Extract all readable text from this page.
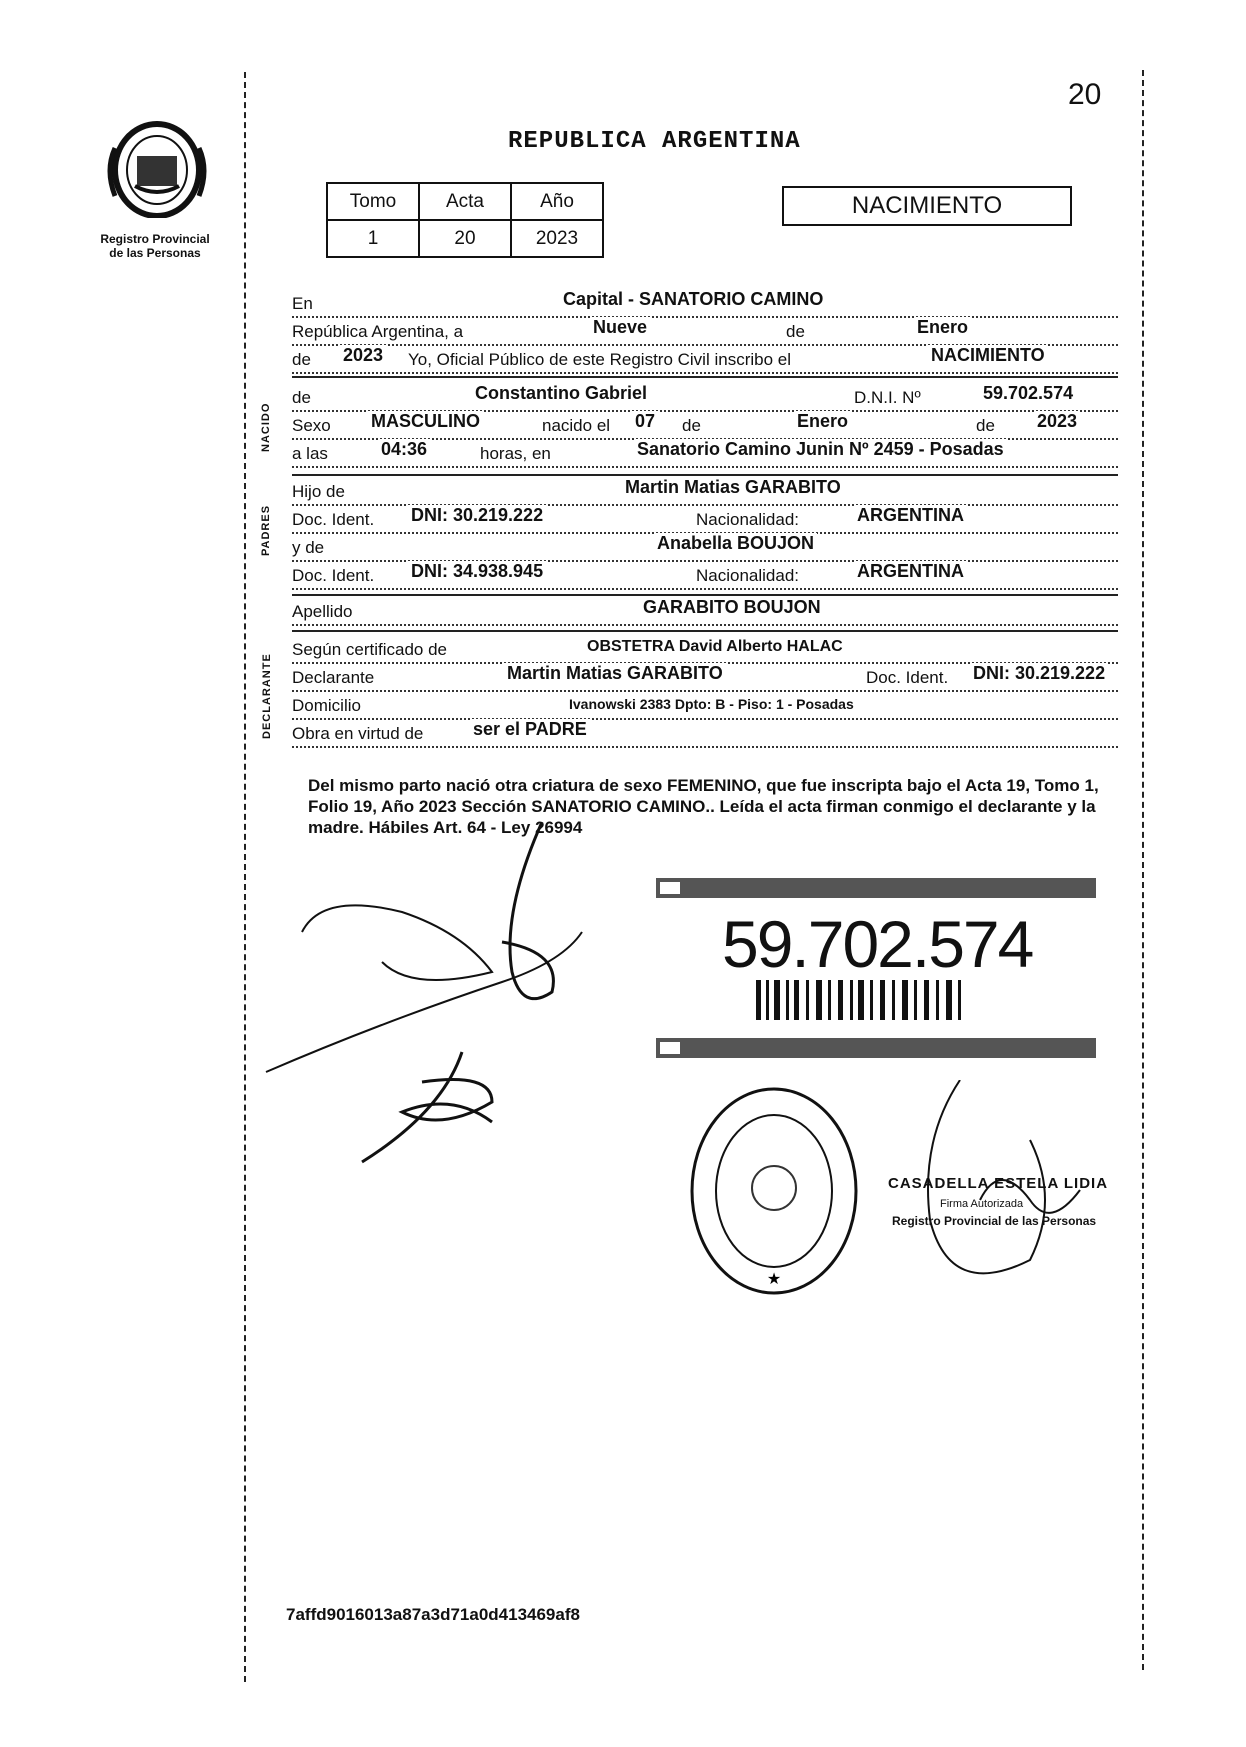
Registro Provincial
de las Personas
20
REPUBLICA ARGENTINA
Tomo	Acta	Año
1	20	2023
NACIMIENTO
NACIDO
PADRES
DECLARANTE
En	Capital - SANATORIO CAMINO
República Argentina, a	Nueve	de	Enero
de 2023 Yo, Oficial Público de este Registro Civil inscribo el	NACIMIENTO
de	Constantino Gabriel	D.N.I. Nº	59.702.574
Sexo MASCULINO	nacido el 07 de	Enero	de 2023
a las	04:36	horas, en	Sanatorio Camino Junin Nº 2459 - Posadas
Hijo de	Martin Matias GARABITO
Doc. Ident. DNI: 30.219.222	Nacionalidad:	ARGENTINA
y de	Anabella BOUJON
Doc. Ident. DNI: 34.938.945	Nacionalidad:	ARGENTINA
Apellido	GARABITO BOUJON
Según certificado de	OBSTETRA David Alberto HALAC
Declarante	Martin Matias GARABITO	Doc. Ident. DNI: 30.219.222
Domicilio	Ivanowski 2383 Dpto: B - Piso: 1 - Posadas
Obra en virtud de	ser el PADRE
Del mismo parto nació otra criatura de sexo FEMENINO, que fue inscripta bajo el Acta 19, Tomo 1, Folio 19, Año 2023 Sección SANATORIO CAMINO.. Leída el acta firman conmigo el declarante y la madre. Hábiles Art. 64 - Ley 26994
59.702.574
★
CASADELLA ESTELA LIDIA
Firma Autorizada
Registro Provincial de las Personas
7affd9016013a87a3d71a0d413469af8
